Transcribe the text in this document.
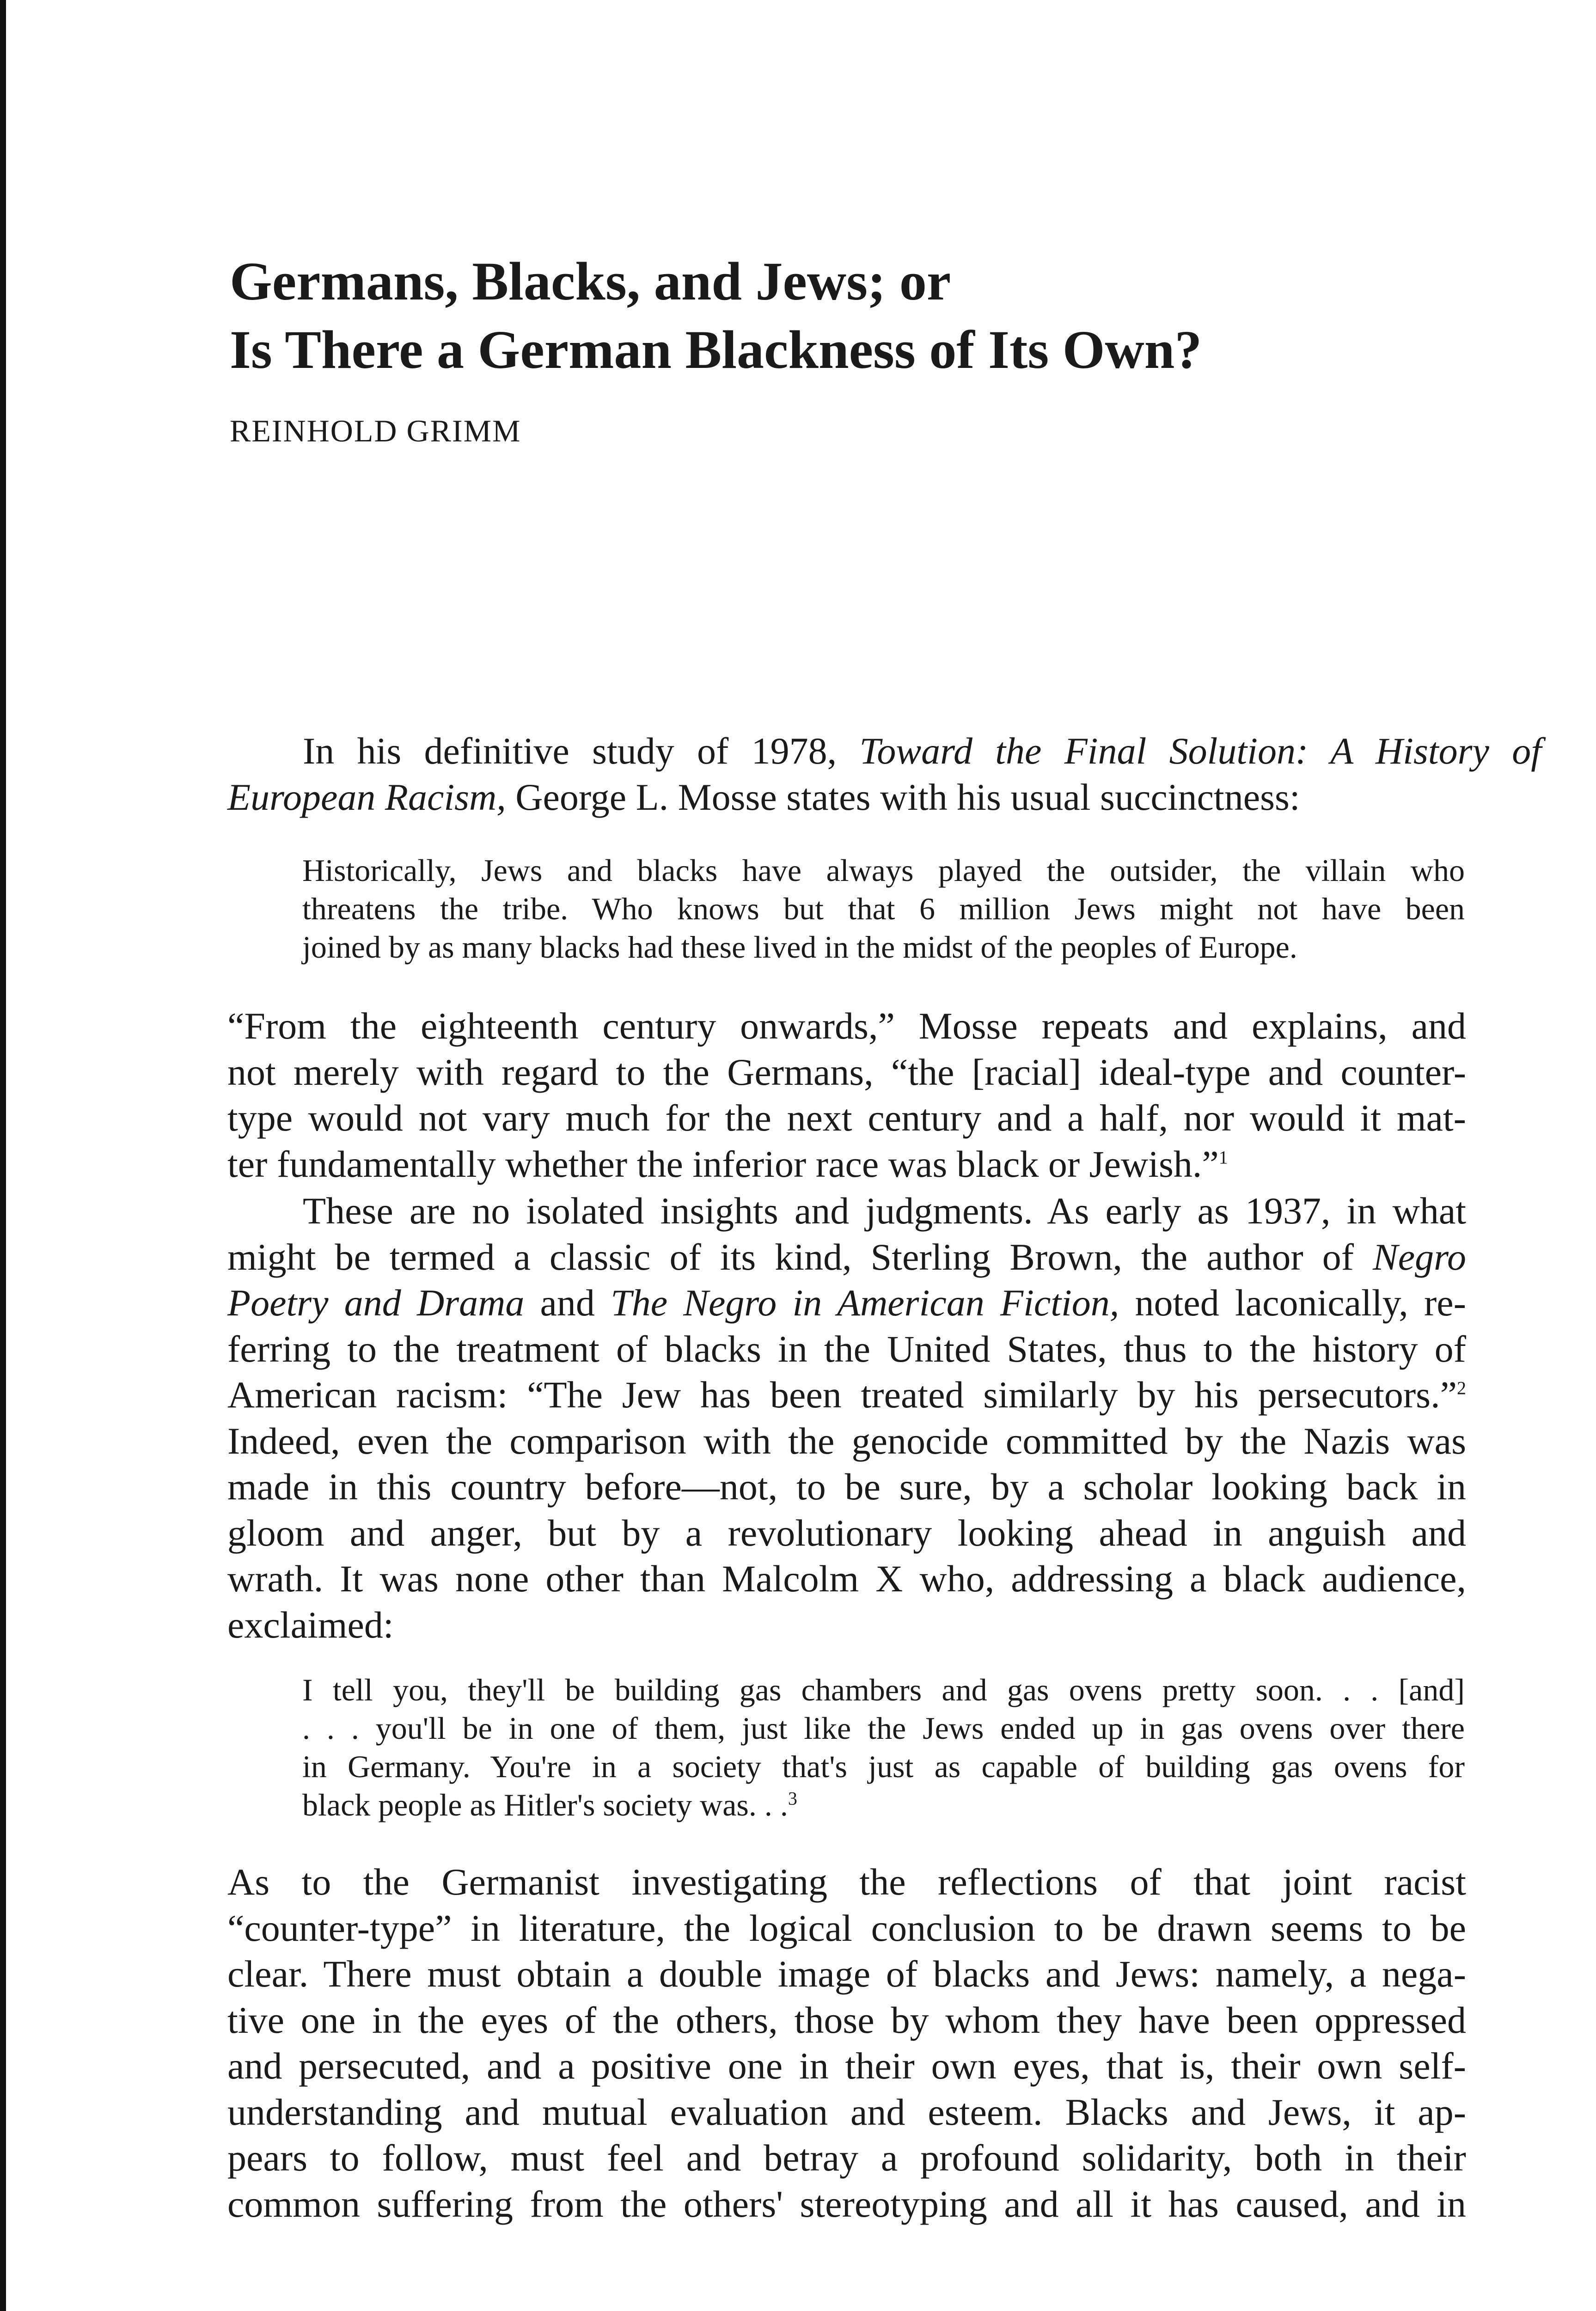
Germans, Blacks, and Jews; or
Is There a German Blackness of Its Own?
REINHOLD GRIMM

In his definitive study of 1978, Toward the Final Solution: A History of

European Racism, George L. Mosse states with his usual succinctness:

Historically, Jews and blacks have always played the outsider, the villain who
threatens the tribe. Who knows but that 6 million Jews might not have been
joined by as many blacks had these lived in the midst of the peoples of Europe.

“From the eighteenth century onwards,” Mosse repeats and explains, and
not merely with regard to the Germans, “the [racial] ideal-type and counter-
type would not vary much for the next century and a half, nor would it mat-
ter fundamentally whether the inferior race was black or Jewish.”$^1$

These are no isolated insights and judgments. As early as 1937, in what
might be termed a classic of its kind, Sterling Brown, the author of Negro
Poetry and Drama and The Negro in American Fiction, noted laconically, re-
ferring to the treatment of blacks in the United States, thus to the history of
American racism: “The Jew has been treated similarly by his persecutors.”$^2$
Indeed, even the comparison with the genocide committed by the Nazis was
made in this country before—not, to be sure, by a scholar looking back in
gloom and anger, but by a revolutionary looking ahead in anguish and
wrath. It was none other than Malcolm X who, addressing a black audience,
exclaimed:

I tell you, they'll be building gas chambers and gas ovens pretty soon. . . [and]
. . . you'll be in one of them, just like the Jews ended up in gas ovens over there
in Germany. You're in a society that's just as capable of building gas ovens for
black people as Hitler's society was. . .$^3$

As to the Germanist investigating the reflections of that joint racist
“counter-type” in literature, the logical conclusion to be drawn seems to be
clear. There must obtain a double image of blacks and Jews: namely, a nega-
tive one in the eyes of the others, those by whom they have been oppressed
and persecuted, and a positive one in their own eyes, that is, their own self-
understanding and mutual evaluation and esteem. Blacks and Jews, it ap-
pears to follow, must feel and betray a profound solidarity, both in their
common suffering from the others' stereotyping and all it has caused, and in
